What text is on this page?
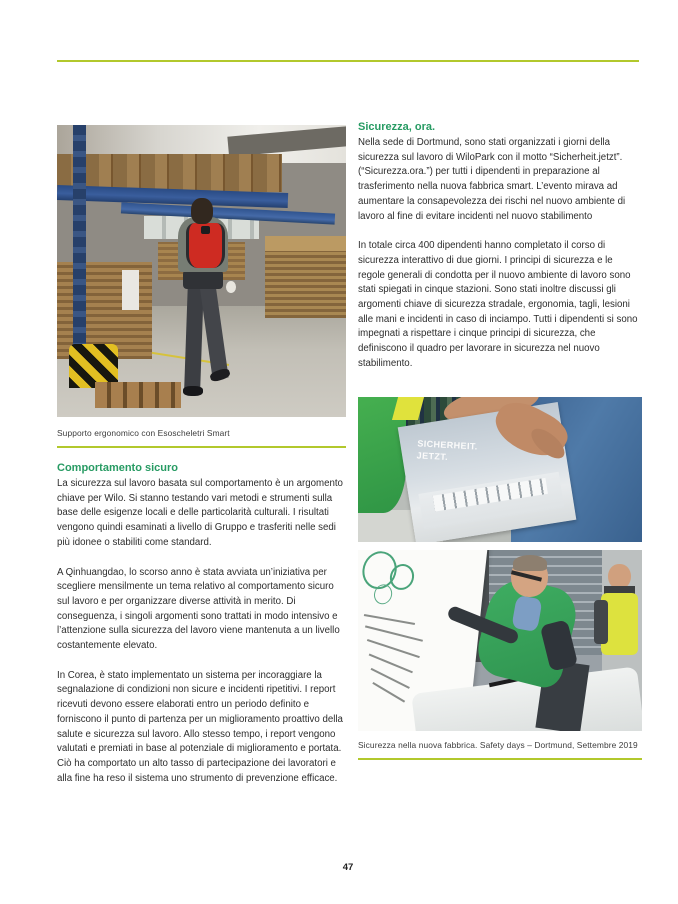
Supporto ergonomico con Esoscheletri Smart
Comportamento sicuro

La sicurezza sul lavoro basata sul comportamento è un argomento chiave per Wilo. Si stanno testando vari metodi e strumenti sulla base delle esigenze locali e delle particolarità culturali. I risultati vengono quindi esaminati a livello di Gruppo e trasferiti nelle sedi più idonee o stabiliti come standard.

A Qinhuangdao, lo scorso anno è stata avviata un’iniziativa per scegliere mensilmente un tema relativo al comportamento sicuro sul lavoro e per organizzare diverse attività in merito. Di conseguenza, i singoli argomenti sono trattati in modo intensivo e l’attenzione sulla sicurezza del lavoro viene mantenuta a un livello costantemente elevato.

In Corea, è stato implementato un sistema per incoraggiare la segnalazione di condizioni non sicure e incidenti ripetitivi. I report ricevuti devono essere elaborati entro un periodo definito e forniscono il punto di partenza per un miglioramento proattivo della salute e sicurezza sul lavoro. Allo stesso tempo, i report vengono valutati e premiati in base al potenziale di miglioramento e portata. Ciò ha comportato un alto tasso di partecipazione dei lavoratori e alla fine ha reso il sistema uno strumento di prevenzione efficace.

Sicurezza, ora.

Nella sede di Dortmund, sono stati organizzati i giorni della sicurezza sul lavoro di WiloPark con il motto “Sicherheit.jetzt”. (“Sicurezza.ora.”) per tutti i dipendenti in preparazione al trasferimento nella nuova fabbrica smart. L’evento mirava ad aumentare la consapevolezza dei rischi nel nuovo ambiente di lavoro al fine di evitare incidenti nel nuovo stabilimento

In totale circa 400 dipendenti hanno completato il corso di sicurezza interattivo di due giorni. I principi di sicurezza e le regole generali di condotta per il nuovo ambiente di lavoro sono stati spiegati in cinque stazioni. Sono stati inoltre discussi gli argomenti chiave di sicurezza stradale, ergonomia, tagli, lesioni alle mani e incidenti in caso di inciampo. Tutti i dipendenti si sono impegnati a rispettare i cinque principi di sicurezza, che definiscono il quadro per lavorare in sicurezza nel nuovo stabilimento.

SICHERHEIT.
JETZT.
Sicurezza nella nuova fabbrica. Safety days – Dortmund, Settembre 2019
47
